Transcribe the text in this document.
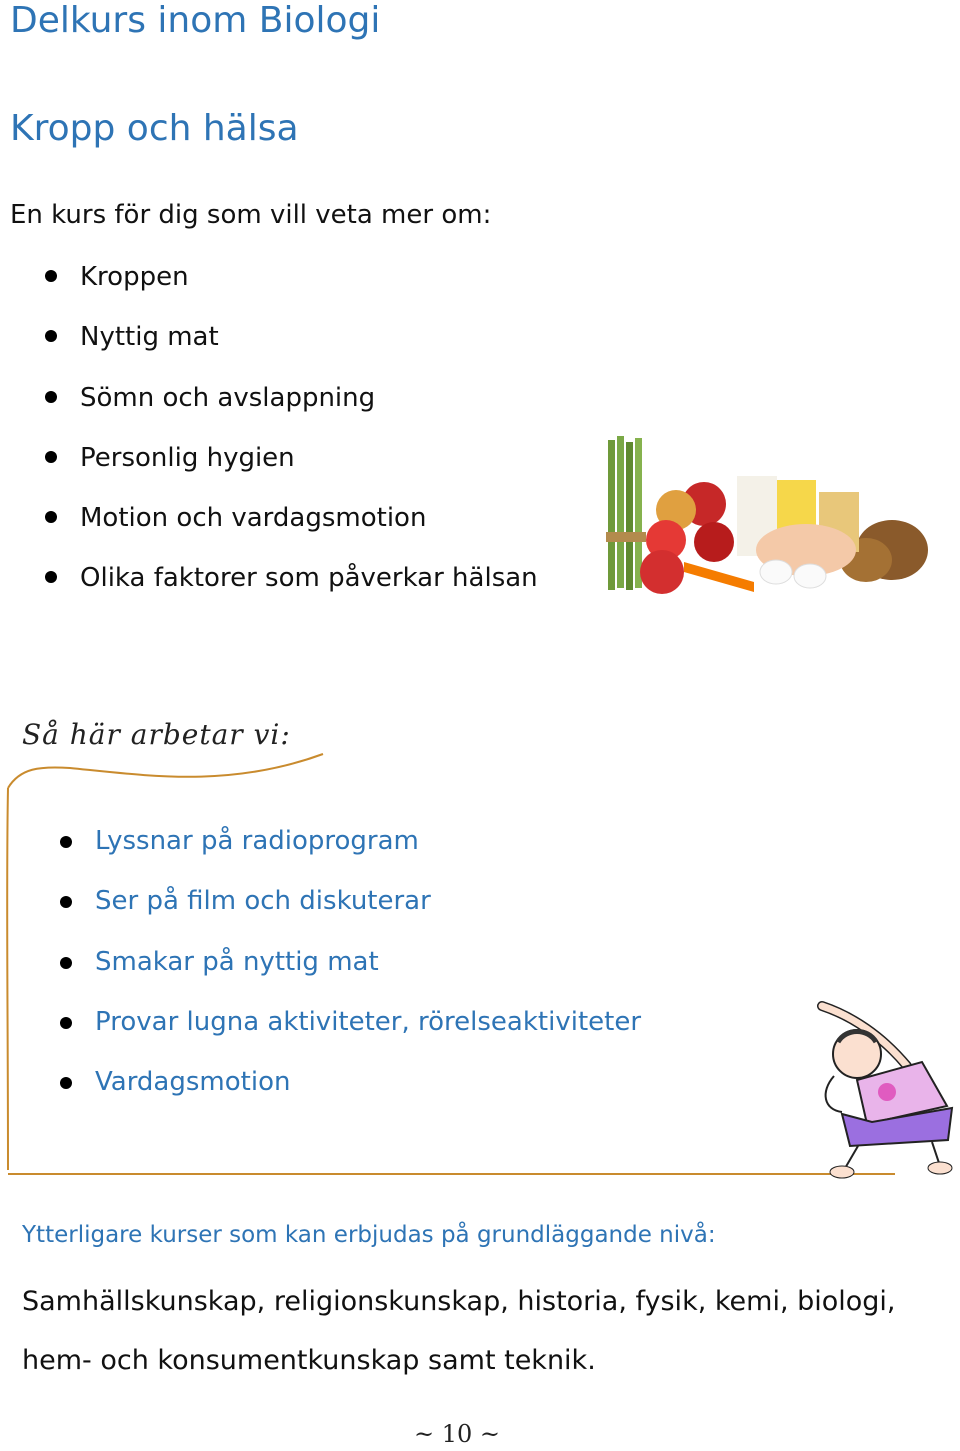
Delkurs inom Biologi
Kropp och hälsa
En kurs för dig som vill veta mer om:
Kroppen
Nyttig mat
Sömn och avslappning
Personlig hygien
Motion och vardagsmotion
Olika faktorer som påverkar hälsan
Så här arbetar vi:
Lyssnar på radioprogram
Ser på film och diskuterar
Smakar på nyttig mat
Provar lugna aktiviteter, rörelseaktiviteter
Vardagsmotion
Ytterligare kurser som kan erbjudas på grundläggande nivå:
Samhällskunskap, religionskunskap, historia, fysik, kemi, biologi, hem- och konsumentkunskap samt teknik.
~ 10 ~
